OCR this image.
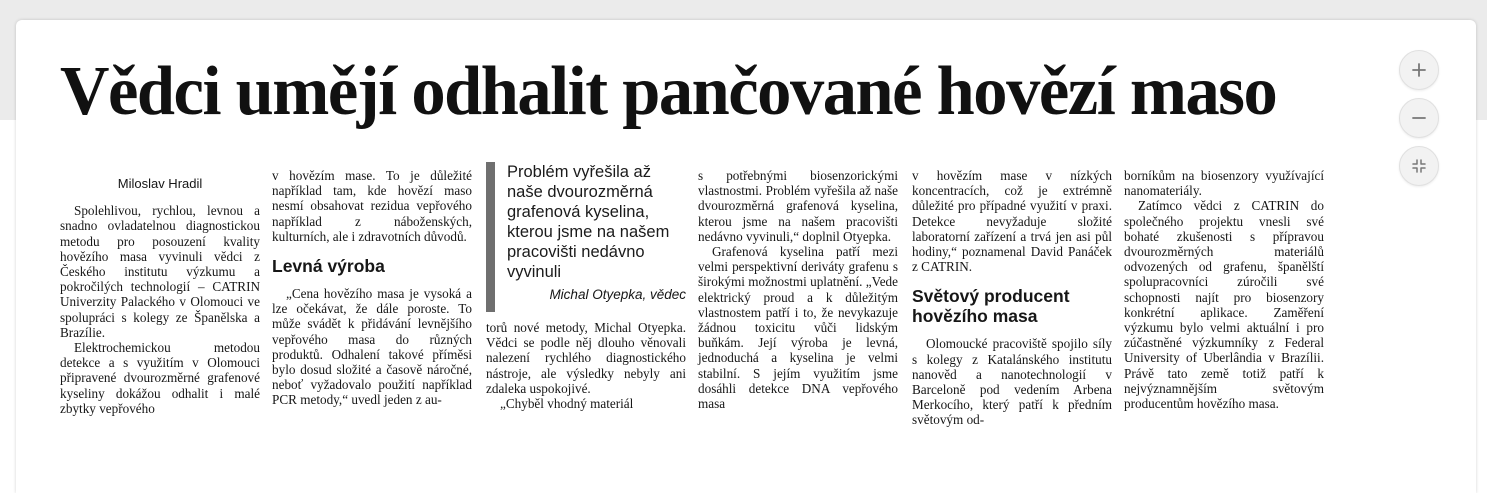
Vědci umějí odhalit pančované hovězí maso

Miloslav Hradil

Spolehlivou, rychlou, levnou a snadno ovladatelnou diagnostickou metodu pro posouzení kvality hovězího masa vyvinuli vědci z Českého institutu výzkumu a pokročilých technologií – CATRIN Univerzity Palackého v Olomouci ve spolupráci s kolegy ze Španělska a Brazílie.

Elektrochemickou metodou detekce a s využitím v Olomouci připravené dvourozměrné grafenové kyseliny dokážou odhalit i malé zbytky vepřového

v hovězím mase. To je důležité například tam, kde hovězí maso nesmí obsahovat rezidua vepřového například z náboženských, kulturních, ale i zdravotních důvodů.

Levná výroba

„Cena hovězího masa je vysoká a lze očekávat, že dále poroste. To může svádět k přidávání levnějšího vepřového masa do různých produktů. Odhalení takové příměsi bylo dosud složité a časově náročné, neboť vyžadovalo použití například PCR metody,“ uvedl jeden z au-

Problém vyřešila až naše dvourozměrná grafenová kyselina, kterou jsme na našem pracovišti nedávno vyvinuli

Michal Otyepka, vědec

torů nové metody, Michal Otyepka. Vědci se podle něj dlouho věnovali nalezení rychlého diagnostického nástroje, ale výsledky nebyly ani zdaleka uspokojivé.

„Chyběl vhodný materiál

s potřebnými biosenzorickými vlastnostmi. Problém vyřešila až naše dvourozměrná grafenová kyselina, kterou jsme na našem pracovišti nedávno vyvinuli,“ doplnil Otyepka.

Grafenová kyselina patří mezi velmi perspektivní deriváty grafenu s širokými možnostmi uplatnění. „Vede elektrický proud a k důležitým vlastnostem patří i to, že nevykazuje žádnou toxicitu vůči lidským buňkám. Její výroba je levná, jednoduchá a kyselina je velmi stabilní. S jejím využitím jsme dosáhli detekce DNA vepřového masa

v hovězím mase v nízkých koncentracích, což je extrémně důležité pro případné využití v praxi. Detekce nevyžaduje složité laboratorní zařízení a trvá jen asi půl hodiny,“ poznamenal David Panáček z CATRIN.

Světový producent hovězího masa

Olomoucké pracoviště spojilo síly s kolegy z Katalánského institutu nanověd a nanotechnologií v Barceloně pod vedením Arbena Merkocího, který patří k předním světovým od-

borníkům na biosenzory využívající nanomateriály.

Zatímco vědci z CATRIN do společného projektu vnesli své bohaté zkušenosti s přípravou dvourozměrných materiálů odvozených od grafenu, španělští spolupracovníci zúročili své schopnosti najít pro biosenzory konkrétní aplikace. Zaměření výzkumu bylo velmi aktuální i pro zúčastněné výzkumníky z Federal University of Uberlândia v Brazílii. Právě tato země totiž patří k nejvýznamnějším světovým producentům hovězího masa.
